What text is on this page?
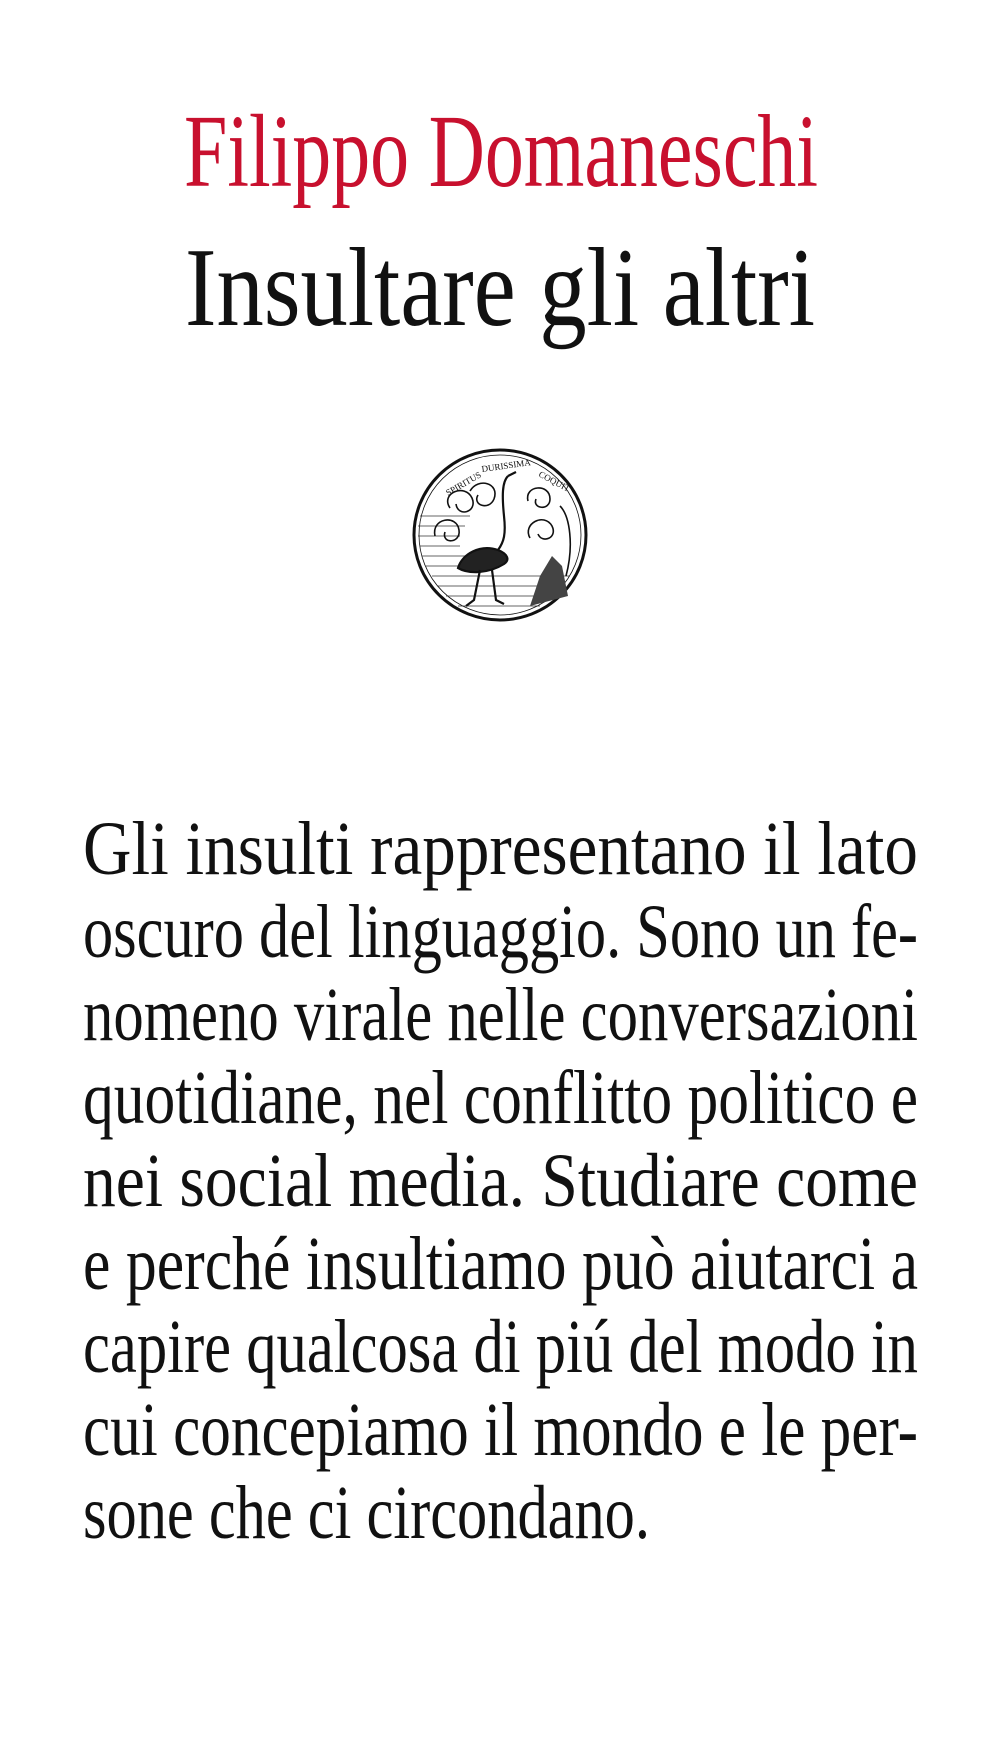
Filippo Domaneschi
Insultare gli altri
SPIRITUS
DURISSIMA
COQUIT
Gli insulti rappresentano il lato
oscuro del linguaggio. Sono un fe-
nomeno virale nelle conversazioni
quotidiane, nel conflitto politico e
nei social media. Studiare come
e perché insultiamo può aiutarci a
capire qualcosa di piú del modo in
cui concepiamo il mondo e le per-
sone che ci circondano.
